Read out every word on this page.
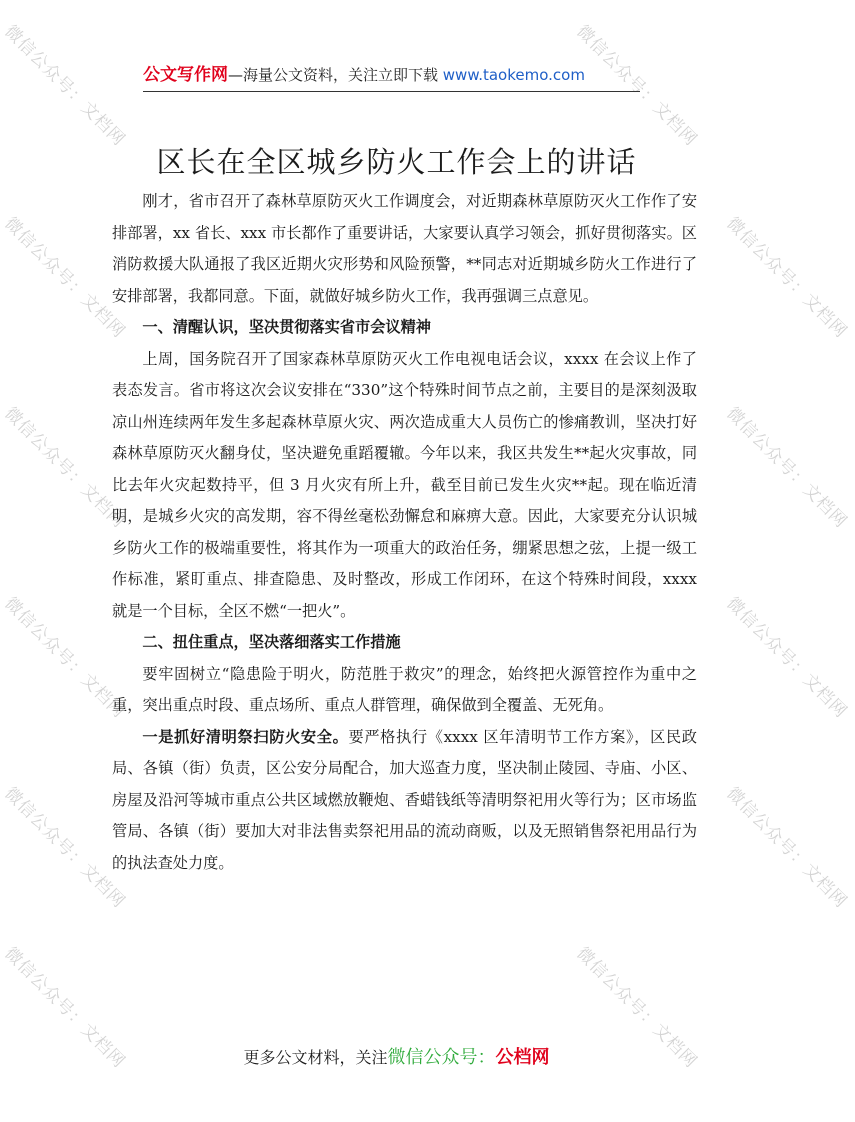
微信公众号：文档网	微信公众号：文档网
微信公众号：文档网	微信公众号：文档网
微信公众号：文档网	微信公众号：文档网
微信公众号：文档网	微信公众号：文档网
微信公众号：文档网	微信公众号：文档网
微信公众号：文档网	微信公众号：文档网
公文写作网—海量公文资料，关注立即下载 www.taokemo.com
区长在全区城乡防火工作会上的讲话

刚才，省市召开了森林草原防灭火工作调度会，对近期森林草原防灭火工作作了安排部署，xx 省长、xxx 市长都作了重要讲话，大家要认真学习领会，抓好贯彻落实。区消防救援大队通报了我区近期火灾形势和风险预警，**同志对近期城乡防火工作进行了安排部署，我都同意。下面，就做好城乡防火工作，我再强调三点意见。

一、清醒认识，坚决贯彻落实省市会议精神

上周，国务院召开了国家森林草原防灭火工作电视电话会议，xxxx 在会议上作了表态发言。省市将这次会议安排在“330”这个特殊时间节点之前，主要目的是深刻汲取凉山州连续两年发生多起森林草原火灾、两次造成重大人员伤亡的惨痛教训，坚决打好森林草原防灭火翻身仗，坚决避免重蹈覆辙。今年以来，我区共发生**起火灾事故，同比去年火灾起数持平，但 3 月火灾有所上升，截至目前已发生火灾**起。现在临近清明，是城乡火灾的高发期，容不得丝毫松劲懈怠和麻痹大意。因此，大家要充分认识城乡防火工作的极端重要性，将其作为一项重大的政治任务，绷紧思想之弦，上提一级工作标准，紧盯重点、排查隐患、及时整改，形成工作闭环，在这个特殊时间段，xxxx 就是一个目标，全区不燃“一把火”。

二、扭住重点，坚决落细落实工作措施

要牢固树立“隐患险于明火，防范胜于救灾”的理念，始终把火源管控作为重中之重，突出重点时段、重点场所、重点人群管理，确保做到全覆盖、无死角。

一是抓好清明祭扫防火安全。要严格执行《xxxx 区年清明节工作方案》，区民政局、各镇（街）负责，区公安分局配合，加大巡查力度，坚决制止陵园、寺庙、小区、房屋及沿河等城市重点公共区域燃放鞭炮、香蜡钱纸等清明祭祀用火等行为；区市场监管局、各镇（街）要加大对非法售卖祭祀用品的流动商贩，以及无照销售祭祀用品行为的执法查处力度。

更多公文材料，关注微信公众号：公档网
